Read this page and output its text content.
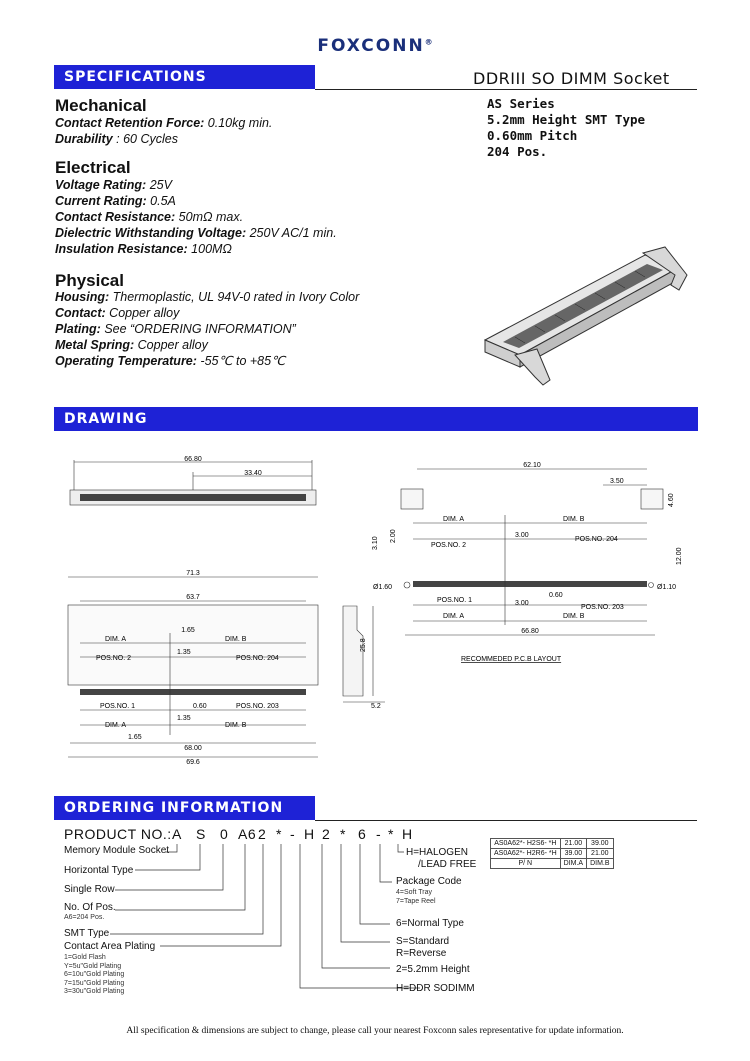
FOXCONN®
SPECIFICATIONS	DDRIII SO DIMM Socket
AS Series
5.2mm Height SMT Type
0.60mm Pitch
204 Pos.
Mechanical
Contact Retention Force: 0.10kg min.
Durability : 60 Cycles
Electrical
Voltage Rating: 25V
Current Rating: 0.5A
Contact Resistance: 50mΩ max.
Dielectric Withstanding Voltage: 250V AC/1 min.
Insulation Resistance: 100MΩ
Physical
Housing: Thermoplastic, UL 94V-0 rated in Ivory Color
Contact: Copper alloy
Plating: See “ORDERING INFORMATION”
Metal Spring: Copper alloy
Operating Temperature: -55℃ to +85℃
DRAWING
66.80
33.40
71.3
63.7
1.65
DIM. A	DIM. B
1.35
POS.NO. 2	POS.NO. 204
POS.NO. 1	0.60	POS.NO. 203
1.35
DIM. A	DIM. B
1.65
68.00
69.6
25.8
5.2
62.10
3.50
4.60
12.00
3.10
2.00
DIM. A	DIM. B
POS.NO. 2
3.00
POS.NO. 204
Ø1.60	Ø1.10
POS.NO. 1	3.00
0.60
POS.NO. 203
DIM. A	DIM. B
66.80
RECOMMEDED P.C.B LAYOUT
ORDERING INFORMATION
PRODUCT NO.: A S 0 A6 2 * - H 2 * 6 - * H
Memory Module Socket
Horizontal Type
Single Row
No. Of Pos.
A6=204 Pos.
SMT Type
Contact Area Plating
1=Gold Flash
Y=5u"Gold Plating
6=10u"Gold Plating
7=15u"Gold Plating
3=30u"Gold Plating
H=HALOGEN
/LEAD FREE
Package Code
4=Soft Tray
7=Tape Reel
6=Normal Type
S=Standard
R=Reverse
2=5.2mm Height
H=DDR SODIMM
AS0A62*- H2S6- *H	21.00	39.00
AS0A62*- H2R6- *H	39.00	21.00
P/ N	DIM.A	DIM.B
All specification & dimensions are subject to change, please call your nearest Foxconn sales representative for update information.
